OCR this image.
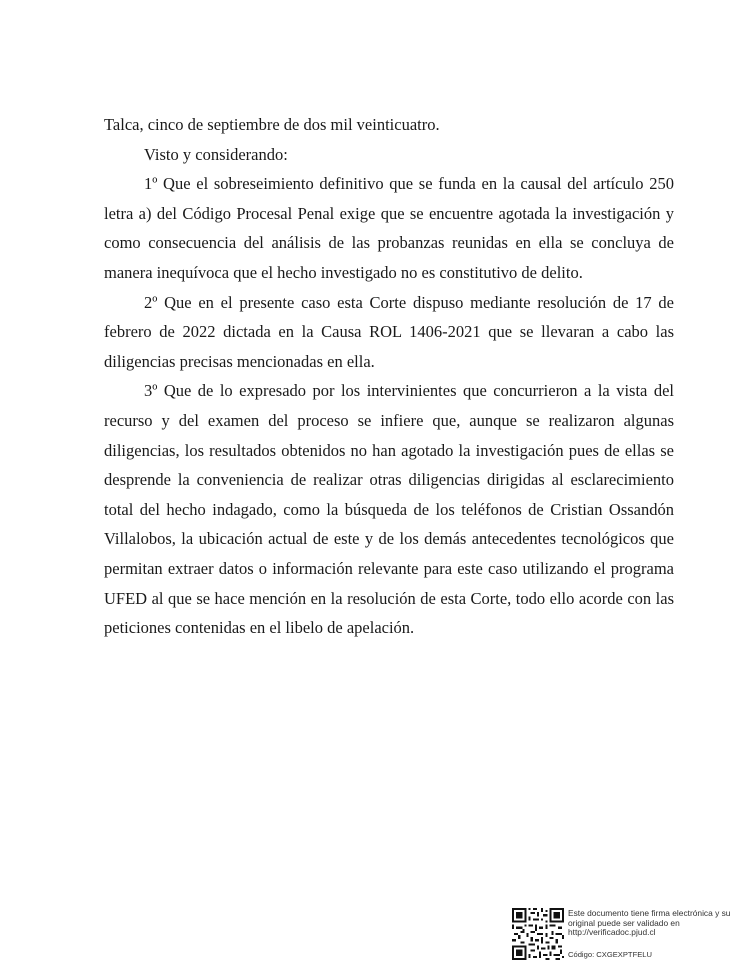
Talca, cinco de septiembre de dos mil veinticuatro.

Visto y considerando:

1º Que el sobreseimiento definitivo que se funda en la causal del artículo 250 letra a) del Código Procesal Penal exige que se encuentre agotada la investigación y como consecuencia del análisis de las probanzas reunidas en ella se concluya de manera inequívoca que el hecho investigado no es constitutivo de delito.

2º Que en el presente caso esta Corte dispuso mediante resolución de 17 de febrero de 2022 dictada en la Causa ROL 1406-2021 que se llevaran a cabo las diligencias precisas mencionadas en ella.

3º Que de lo expresado por los intervinientes que concurrieron a la vista del recurso y del examen del proceso se infiere que, aunque se realizaron algunas diligencias, los resultados obtenidos no han agotado la investigación pues de ellas se desprende la conveniencia de realizar otras diligencias dirigidas al esclarecimiento total del hecho indagado, como la búsqueda de los teléfonos de Cristian Ossandón Villalobos, la ubicación actual de este y de los demás antecedentes tecnológicos que permitan extraer datos o información relevante para este caso utilizando el programa UFED al que se hace mención en la resolución de esta Corte, todo ello acorde con las peticiones contenidas en el libelo de apelación.

Este documento tiene firma electrónica y su original puede ser validado en http://verificadoc.pjud.cl
Código: CXGEXPTFELU
